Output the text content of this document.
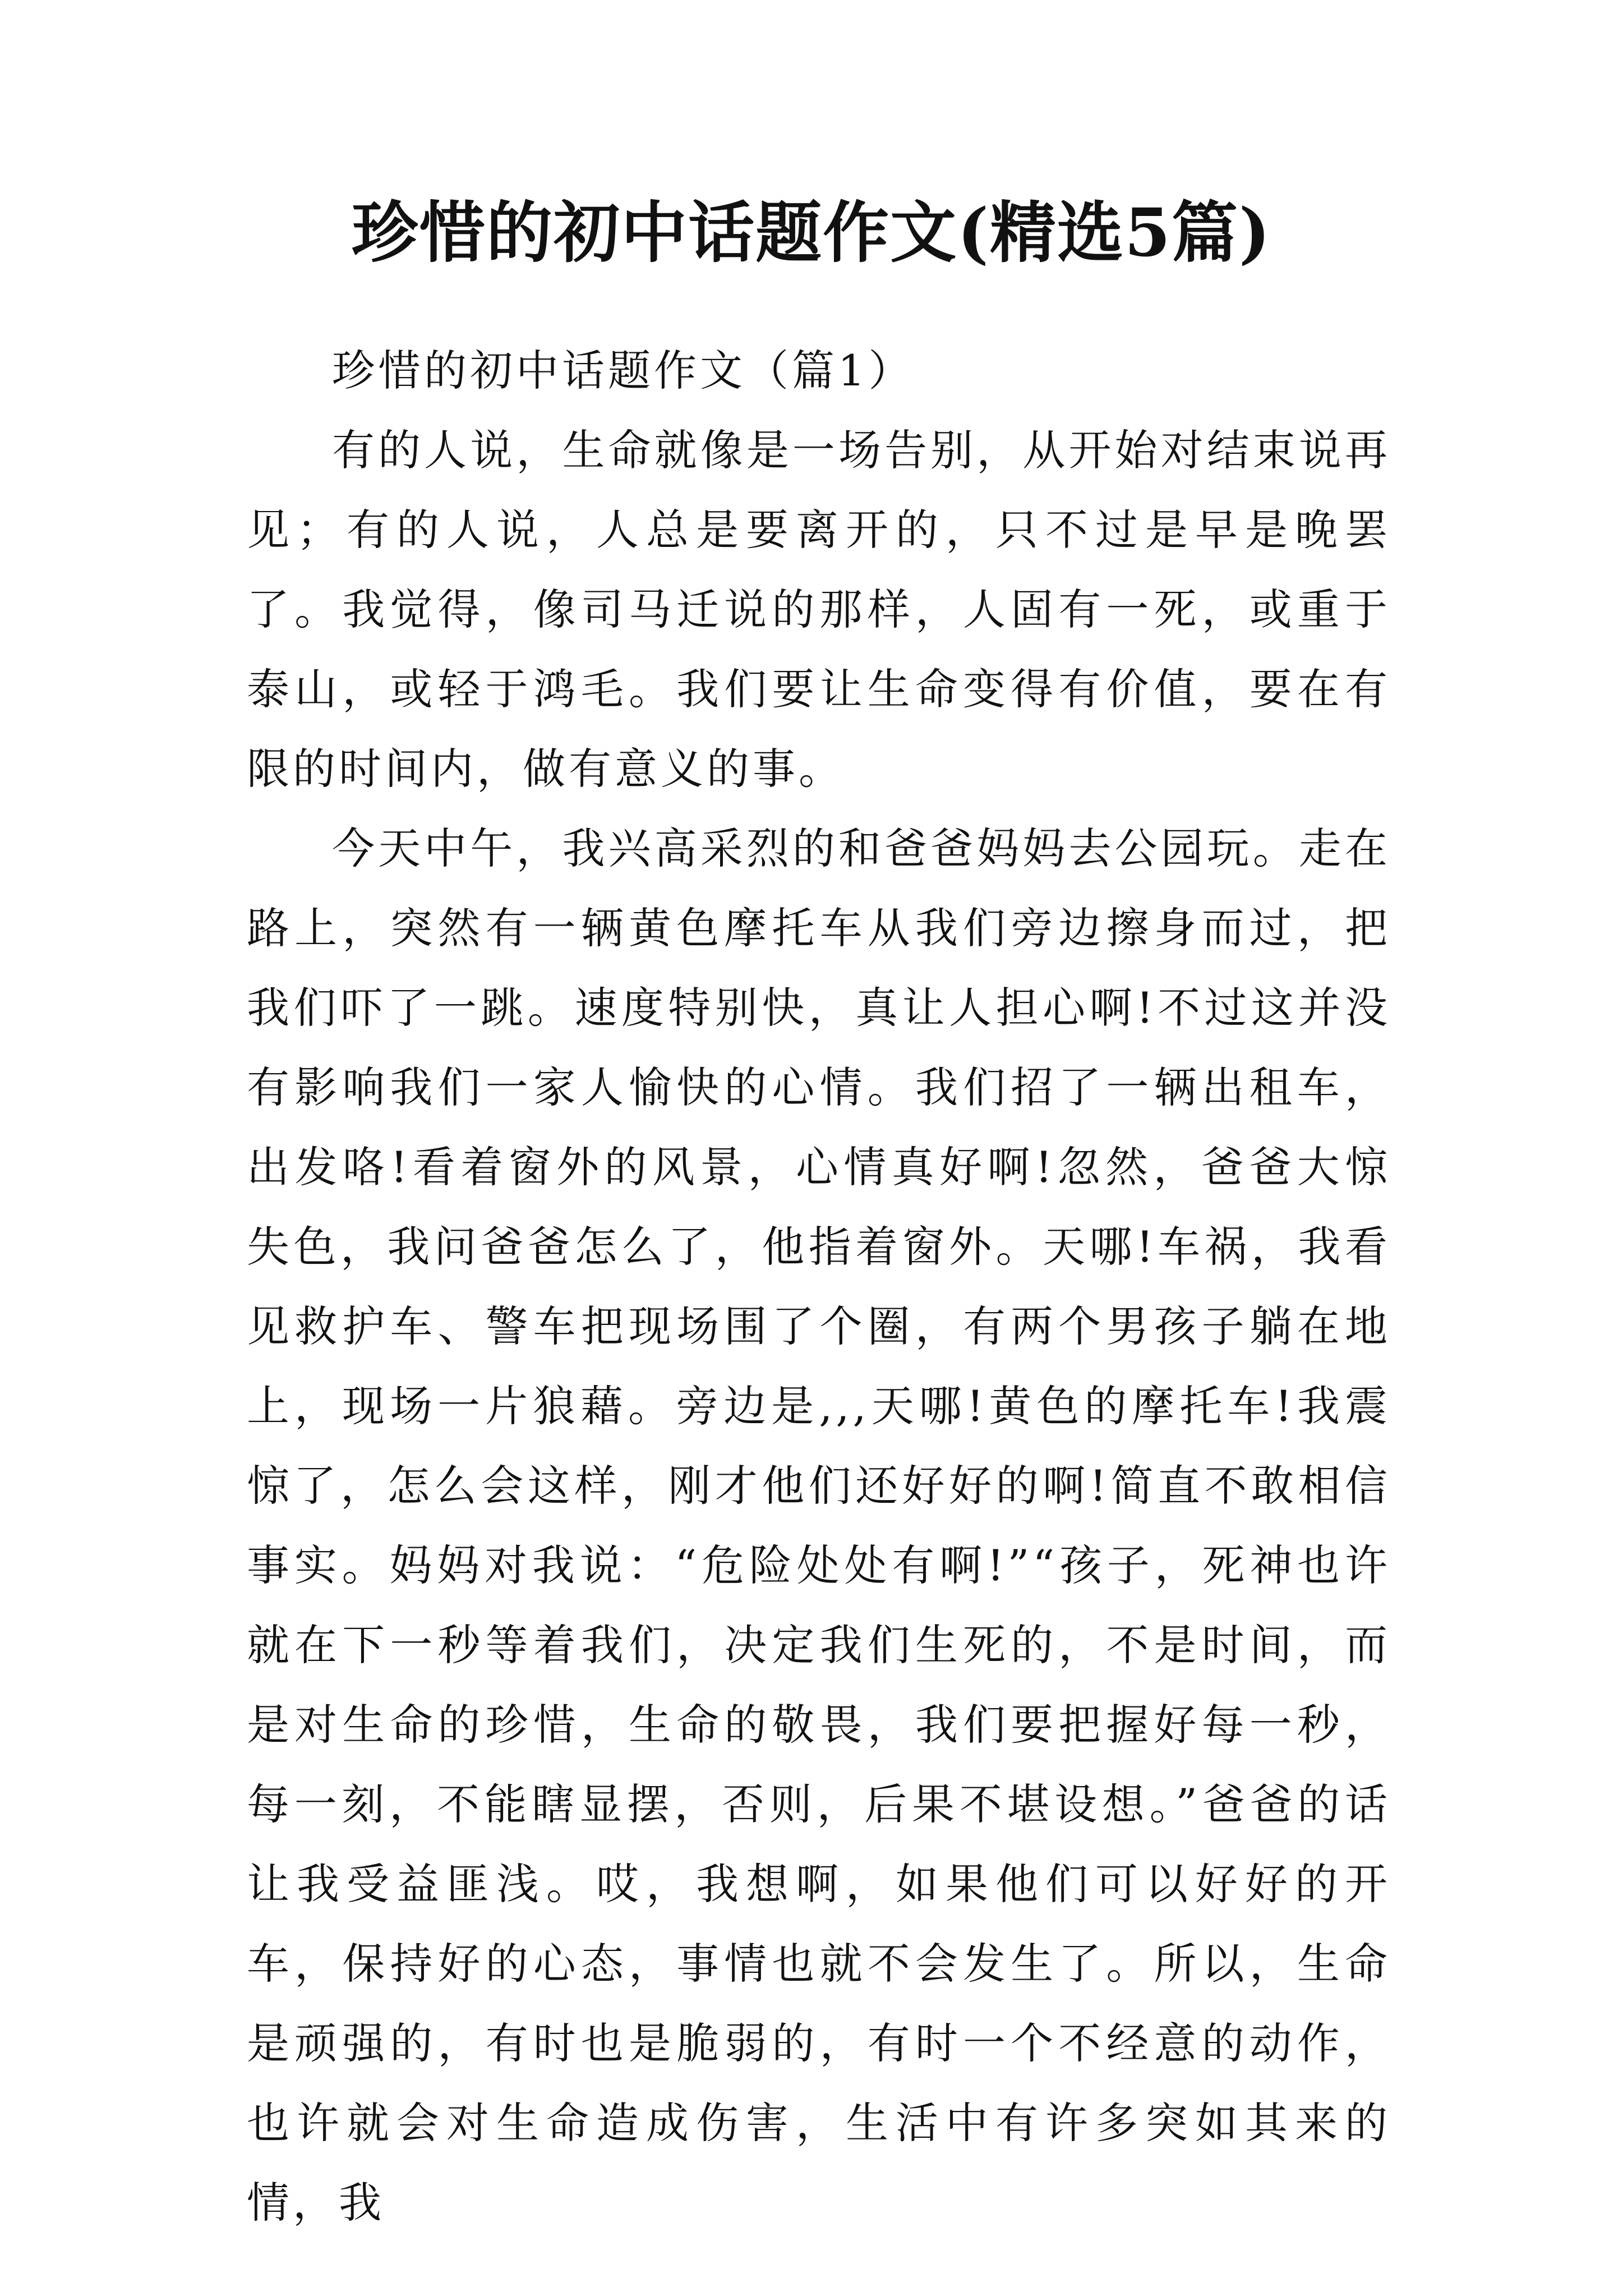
珍惜的初中话题作文(精选5篇)
珍惜的初中话题作文（篇1）

有的人说，生命就像是一场告别，从开始对结束说再见；有的人说，人总是要离开的，只不过是早是晚罢了。我觉得，像司马迁说的那样，人固有一死，或重于泰山，或轻于鸿毛。我们要让生命变得有价值，要在有限的时间内，做有意义的事。

今天中午，我兴高采烈的和爸爸妈妈去公园玩。走在路上，突然有一辆黄色摩托车从我们旁边擦身而过，把我们吓了一跳。速度特别快，真让人担心啊!不过这并没有影响我们一家人愉快的心情。我们招了一辆出租车，出发咯!看着窗外的风景，心情真好啊!忽然，爸爸大惊失色，我问爸爸怎么了，他指着窗外。天哪!车祸，我看见救护车、警车把现场围了个圈，有两个男孩子躺在地上，现场一片狼藉。旁边是,,,天哪!黄色的摩托车!我震惊了，怎么会这样，刚才他们还好好的啊!简直不敢相信事实。妈妈对我说：“危险处处有啊!”“孩子，死神也许就在下一秒等着我们，决定我们生死的，不是时间，而是对生命的珍惜，生命的敬畏，我们要把握好每一秒，每一刻，不能瞎显摆，否则，后果不堪设想。”爸爸的话让我受益匪浅。哎，我想啊，如果他们可以好好的开车，保持好的心态，事情也就不会发生了。所以，生命是顽强的，有时也是脆弱的，有时一个不经意的动作，也许就会对生命造成伤害，生活中有许多突如其来的情，我
